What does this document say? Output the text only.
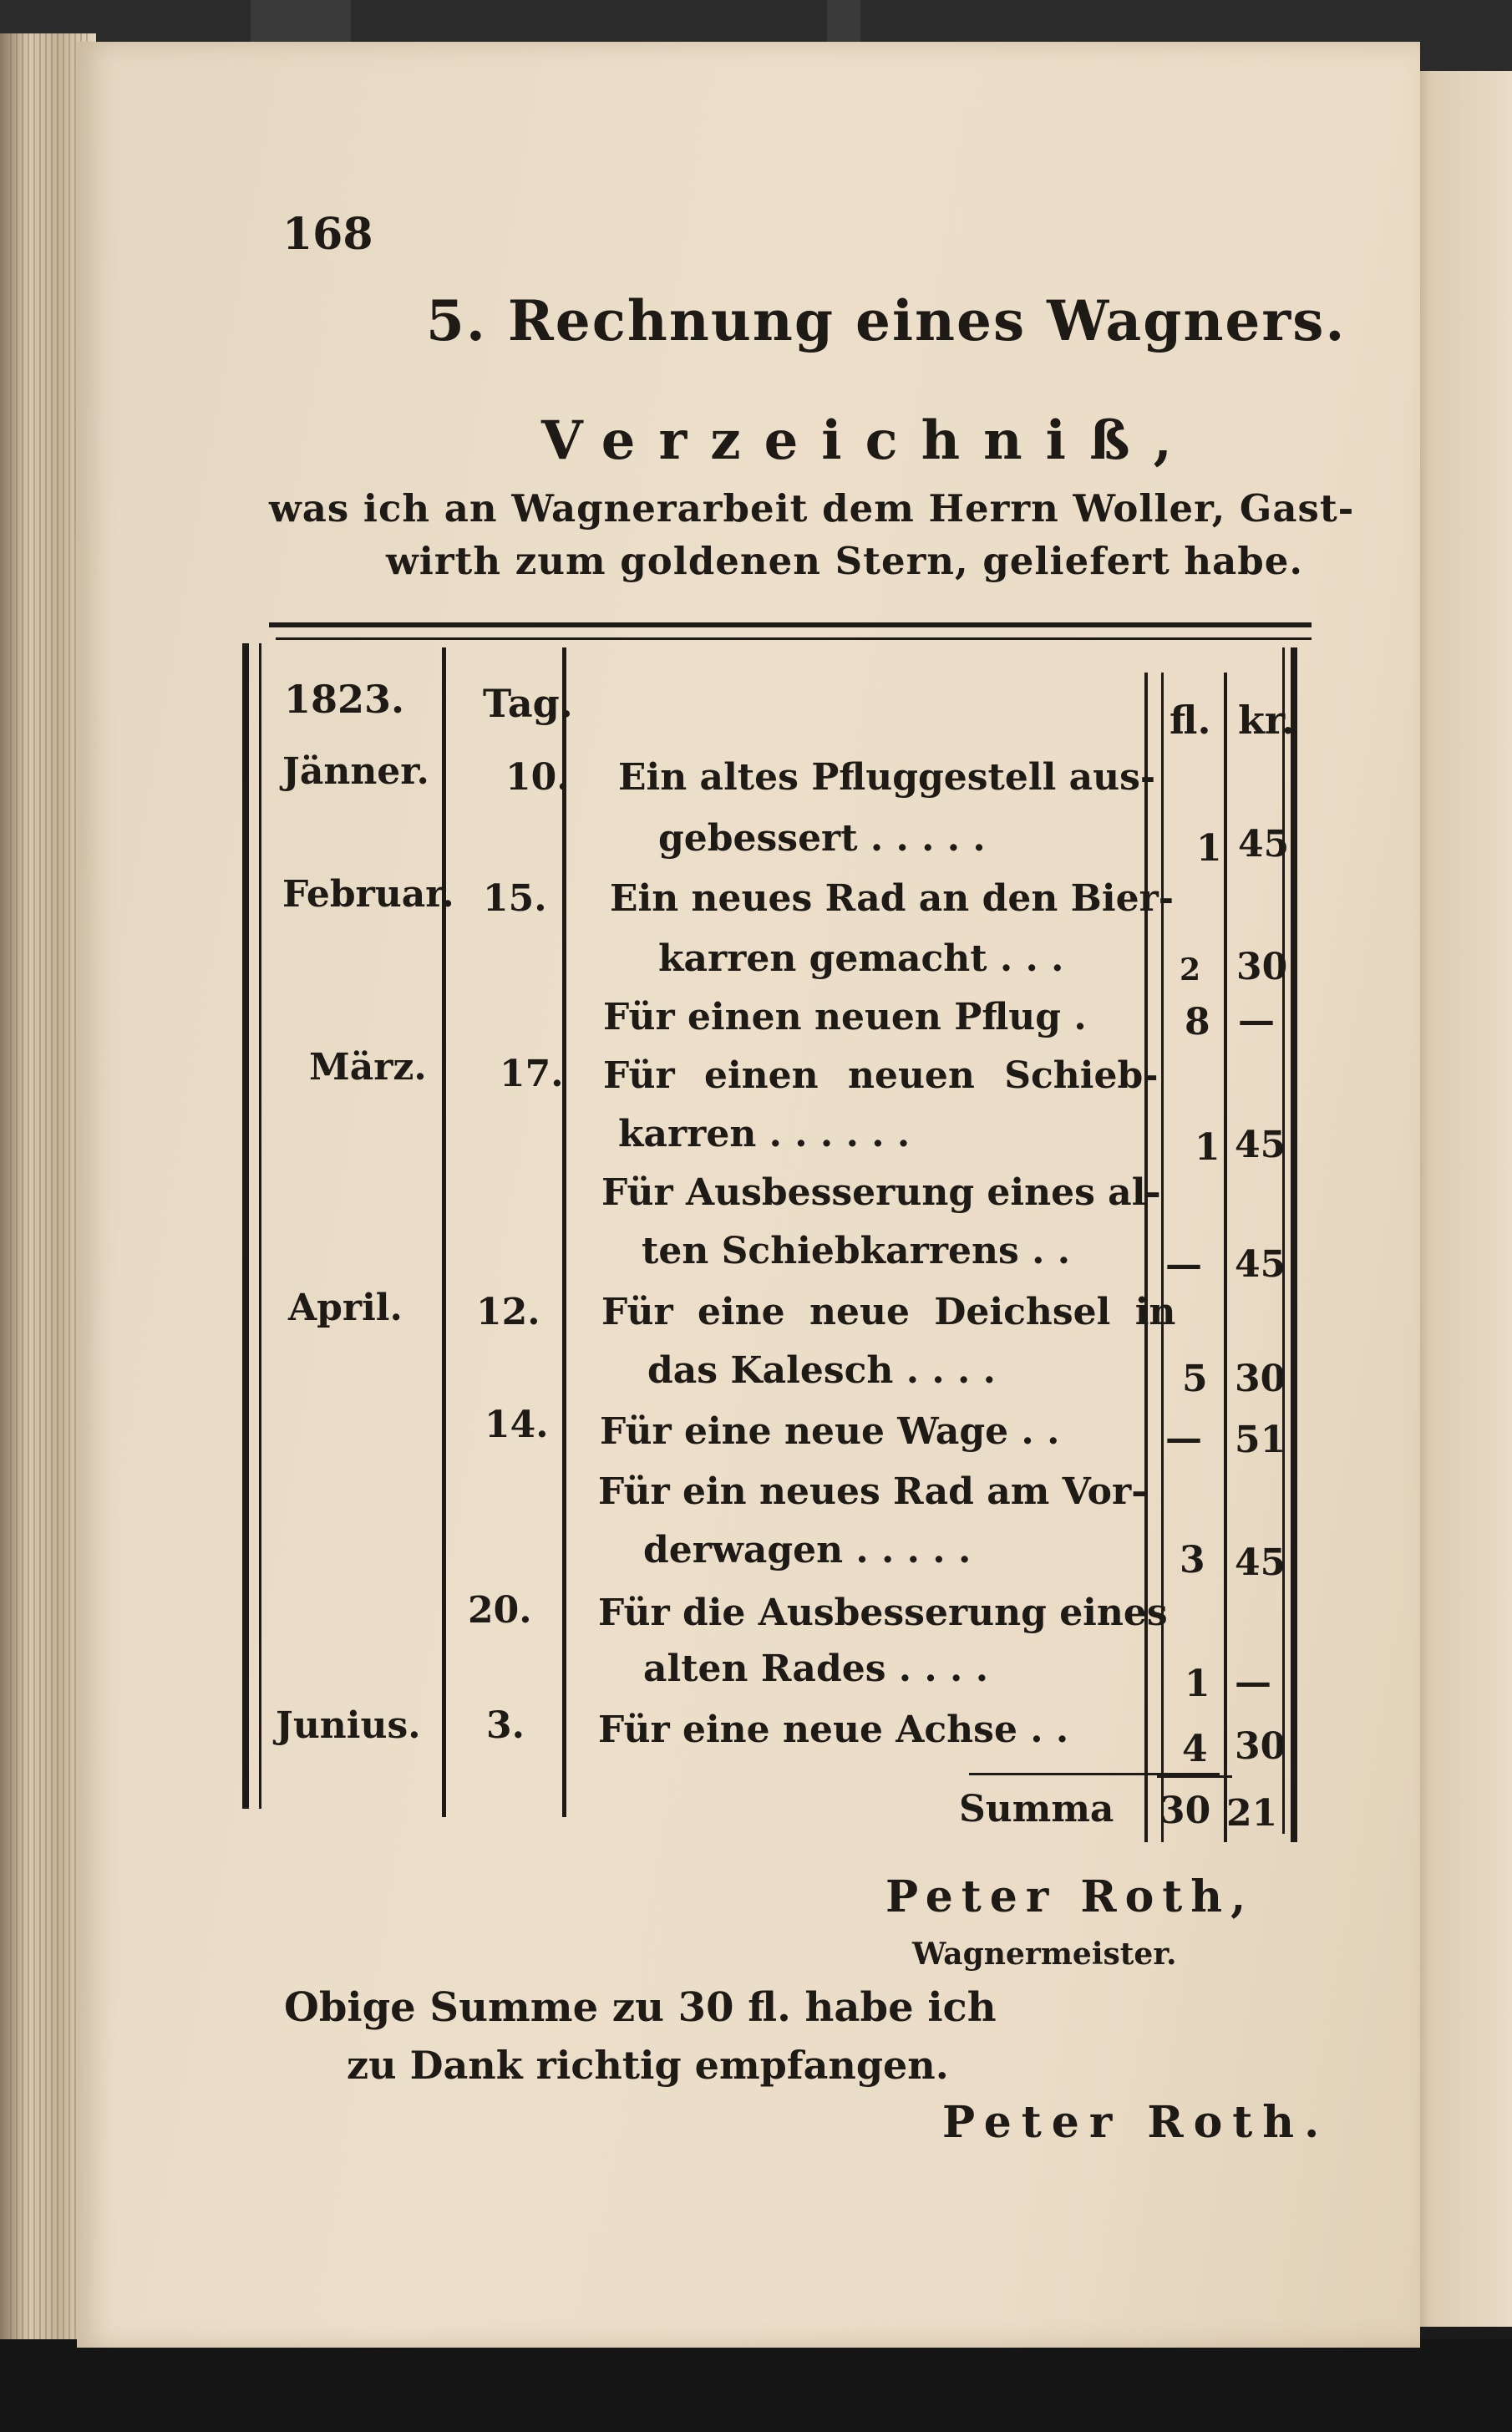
168
5. Rechnung eines Wagners.
Verzeichniß,
was ich an Wagnerarbeit dem Herrn Woller, Gast-
wirth zum goldenen Stern, geliefert habe.
1823. Tag.	fl. kr.
Jänner. 10. Ein altes Pfluggestell aus-
gebessert . . . . .	1 45
Februar. 15. Ein neues Rad an den Bier-
karren gemacht . . .	2 30
Für einen neuen Pflug .	8 —
März. 17. Für einen neuen Schieb-
karren . . . . . .	1 45
Für Ausbesserung eines al-
ten Schiebkarrens . .	— 45
April. 12. Für eine neue Deichsel in
das Kalesch . . . .	5 30
14. Für eine neue Wage . .	— 51
Für ein neues Rad am Vor-
derwagen . . . . .	3 45
20. Für die Ausbesserung eines
alten Rades . . . .	1 —
Junius. 3. Für eine neue Achse . .	4 30
Summa 30 21
Peter Roth,
Wagnermeister.
Obige Summe zu 30 fl. habe ich
zu Dank richtig empfangen.
Peter Roth.
